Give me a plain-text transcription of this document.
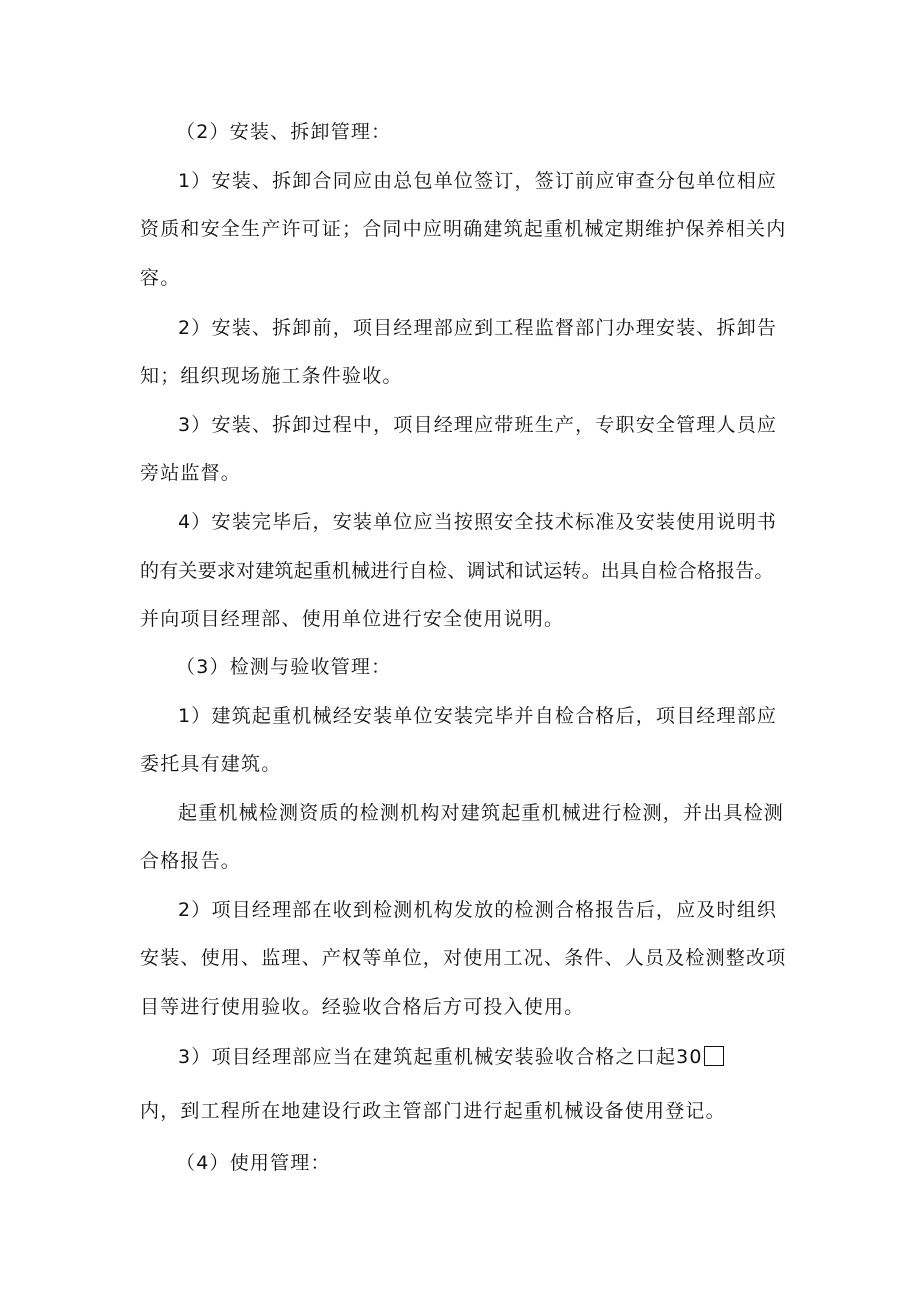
（2）安装、拆卸管理：
1）安装、拆卸合同应由总包单位签订，签订前应审查分包单位相应
资质和安全生产许可证；合同中应明确建筑起重机械定期维护保养相关内
容。
2）安装、拆卸前，项目经理部应到工程监督部门办理安装、拆卸告
知；组织现场施工条件验收。
3）安装、拆卸过程中，项目经理应带班生产，专职安全管理人员应
旁站监督。
4）安装完毕后，安装单位应当按照安全技术标准及安装使用说明书
的有关要求对建筑起重机械进行自检、调试和试运转。出具自检合格报告。
并向项目经理部、使用单位进行安全使用说明。
（3）检测与验收管理：
1）建筑起重机械经安装单位安装完毕并自检合格后，项目经理部应
委托具有建筑。
起重机械检测资质的检测机构对建筑起重机械进行检测，并出具检测
合格报告。
2）项目经理部在收到检测机构发放的检测合格报告后，应及时组织
安装、使用、监理、产权等单位，对使用工况、条件、人员及检测整改项
目等进行使用验收。经验收合格后方可投入使用。
3）项目经理部应当在建筑起重机械安装验收合格之口起30
内，到工程所在地建设行政主管部门进行起重机械设备使用登记。
（4）使用管理：
